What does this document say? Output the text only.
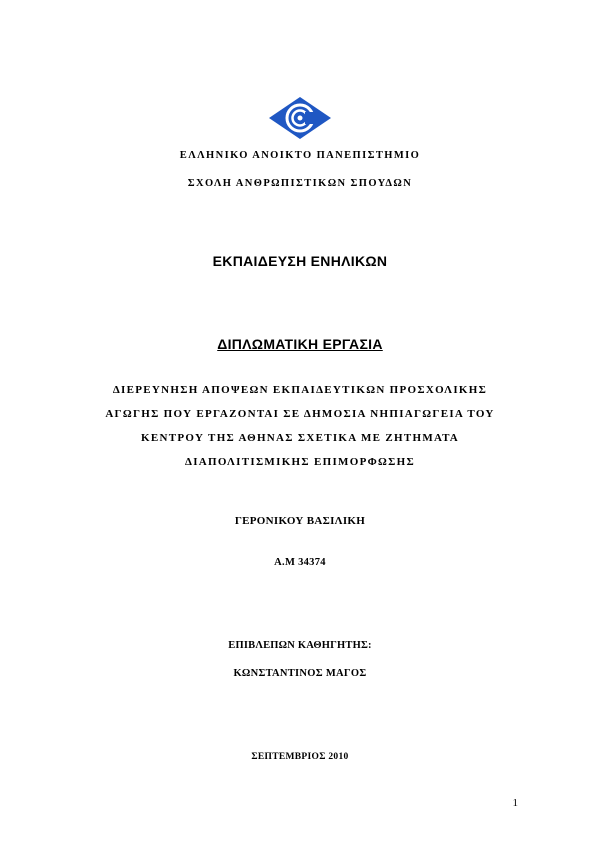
ΕΛΛΗΝΙΚΟ ΑΝΟΙΚΤΟ ΠΑΝΕΠΙΣΤΗΜΙΟ
ΣΧΟΛΗ ΑΝΘΡΩΠΙΣΤΙΚΩΝ ΣΠΟΥΔΩΝ
ΕΚΠΑΙΔΕΥΣΗ ΕΝΗΛΙΚΩΝ
ΔΙΠΛΩΜΑΤΙΚΗ ΕΡΓΑΣΙΑ
ΔΙΕΡΕΥΝΗΣΗ ΑΠΟΨΕΩΝ ΕΚΠΑΙΔΕΥΤΙΚΩΝ ΠΡΟΣΧΟΛΙΚΗΣ
ΑΓΩΓΗΣ ΠΟΥ ΕΡΓΑΖΟΝΤΑΙ ΣΕ ΔΗΜΟΣΙΑ ΝΗΠΙΑΓΩΓΕΙΑ ΤΟΥ
ΚΕΝΤΡΟΥ ΤΗΣ ΑΘΗΝΑΣ ΣΧΕΤΙΚΑ ΜΕ ΖΗΤΗΜΑΤΑ
ΔΙΑΠΟΛΙΤΙΣΜΙΚΗΣ ΕΠΙΜΟΡΦΩΣΗΣ
ΓΕΡΟΝΙΚΟΥ ΒΑΣΙΛΙΚΗ
Α.Μ 34374
ΕΠΙΒΛΕΠΩΝ ΚΑΘΗΓΗΤΗΣ:
ΚΩΝΣΤΑΝΤΙΝΟΣ ΜΑΓΟΣ
ΣΕΠΤΕΜΒΡΙΟΣ 2010
1
